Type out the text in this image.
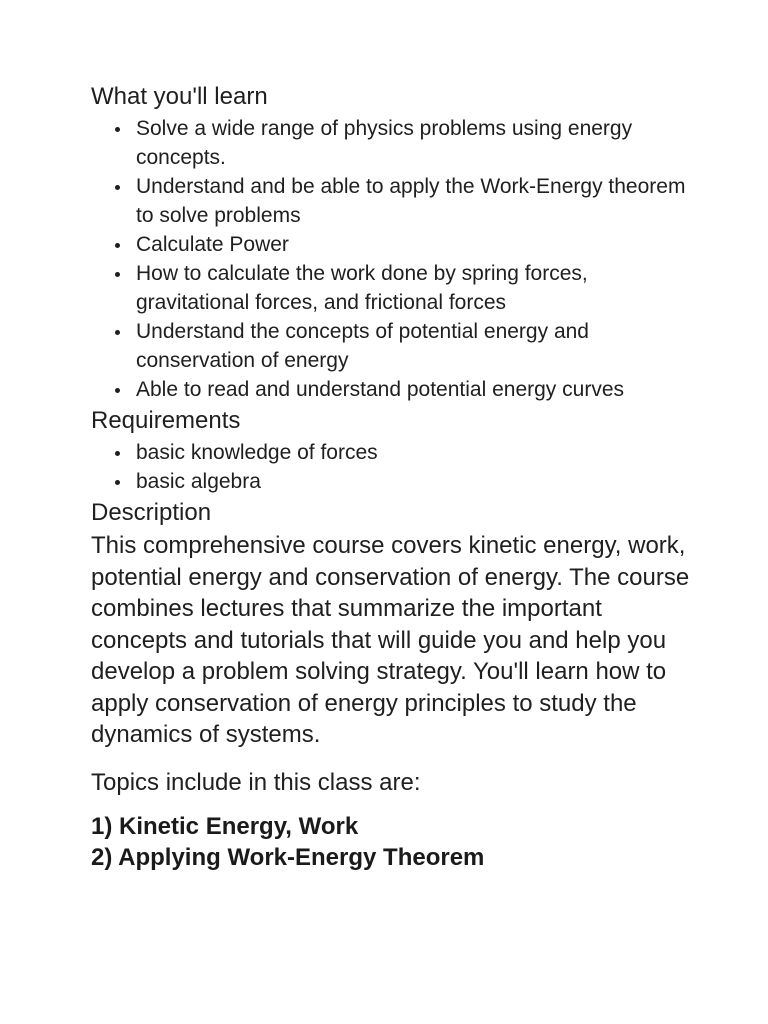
What you'll learn
Solve a wide range of physics problems using energy concepts.
Understand and be able to apply the Work-Energy theorem to solve problems
Calculate Power
How to calculate the work done by spring forces, gravitational forces, and frictional forces
Understand the concepts of potential energy and conservation of energy
Able to read and understand potential energy curves
Requirements
basic knowledge of forces
basic algebra
Description

This comprehensive course covers kinetic energy, work, potential energy and conservation of energy. The course combines lectures that summarize the important concepts and tutorials that will guide you and help you develop a problem solving strategy. You'll learn how to apply conservation of energy principles to study the dynamics of systems.

Topics include in this class are:

1) Kinetic Energy, Work
2) Applying Work-Energy Theorem
